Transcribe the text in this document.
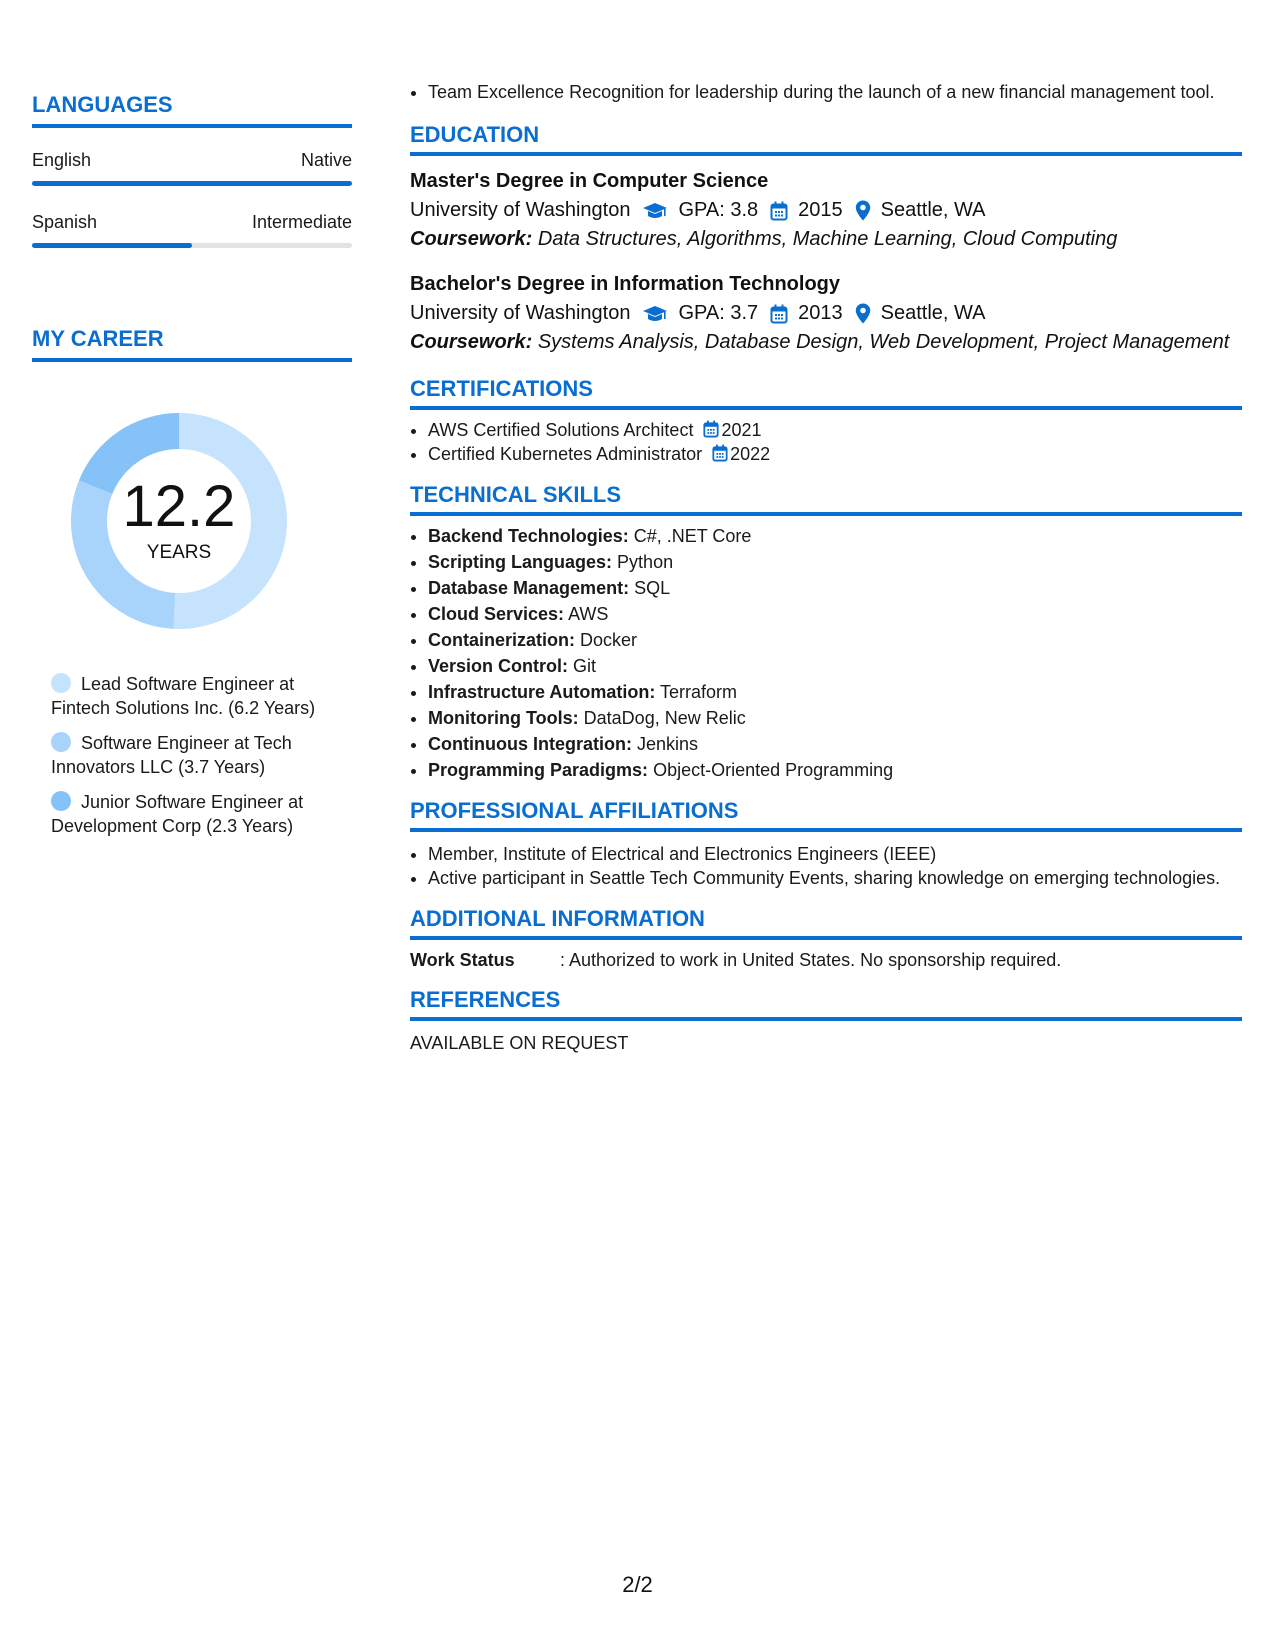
LANGUAGES
English	Native
Spanish	Intermediate
MY CAREER
12.2
YEARS
Lead Software Engineer at Fintech Solutions Inc. (6.2 Years)
Software Engineer at Tech Innovators LLC (3.7 Years)
Junior Software Engineer at Development Corp (2.3 Years)
• Team Excellence Recognition for leadership during the launch of a new financial management tool.
EDUCATION
Master's Degree in Computer Science
University of Washington GPA: 3.8 2015 Seattle, WA
Coursework: Data Structures, Algorithms, Machine Learning, Cloud Computing
Bachelor's Degree in Information Technology
University of Washington GPA: 3.7 2013 Seattle, WA
Coursework: Systems Analysis, Database Design, Web Development, Project Management
CERTIFICATIONS
• AWS Certified Solutions Architect 2021
• Certified Kubernetes Administrator 2022
TECHNICAL SKILLS
• Backend Technologies: C#, .NET Core
• Scripting Languages: Python
• Database Management: SQL
• Cloud Services: AWS
• Containerization: Docker
• Version Control: Git
• Infrastructure Automation: Terraform
• Monitoring Tools: DataDog, New Relic
• Continuous Integration: Jenkins
• Programming Paradigms: Object-Oriented Programming
PROFESSIONAL AFFILIATIONS
• Member, Institute of Electrical and Electronics Engineers (IEEE)
• Active participant in Seattle Tech Community Events, sharing knowledge on emerging technologies.
ADDITIONAL INFORMATION
Work Status	: Authorized to work in United States. No sponsorship required.
REFERENCES
AVAILABLE ON REQUEST
2/2
